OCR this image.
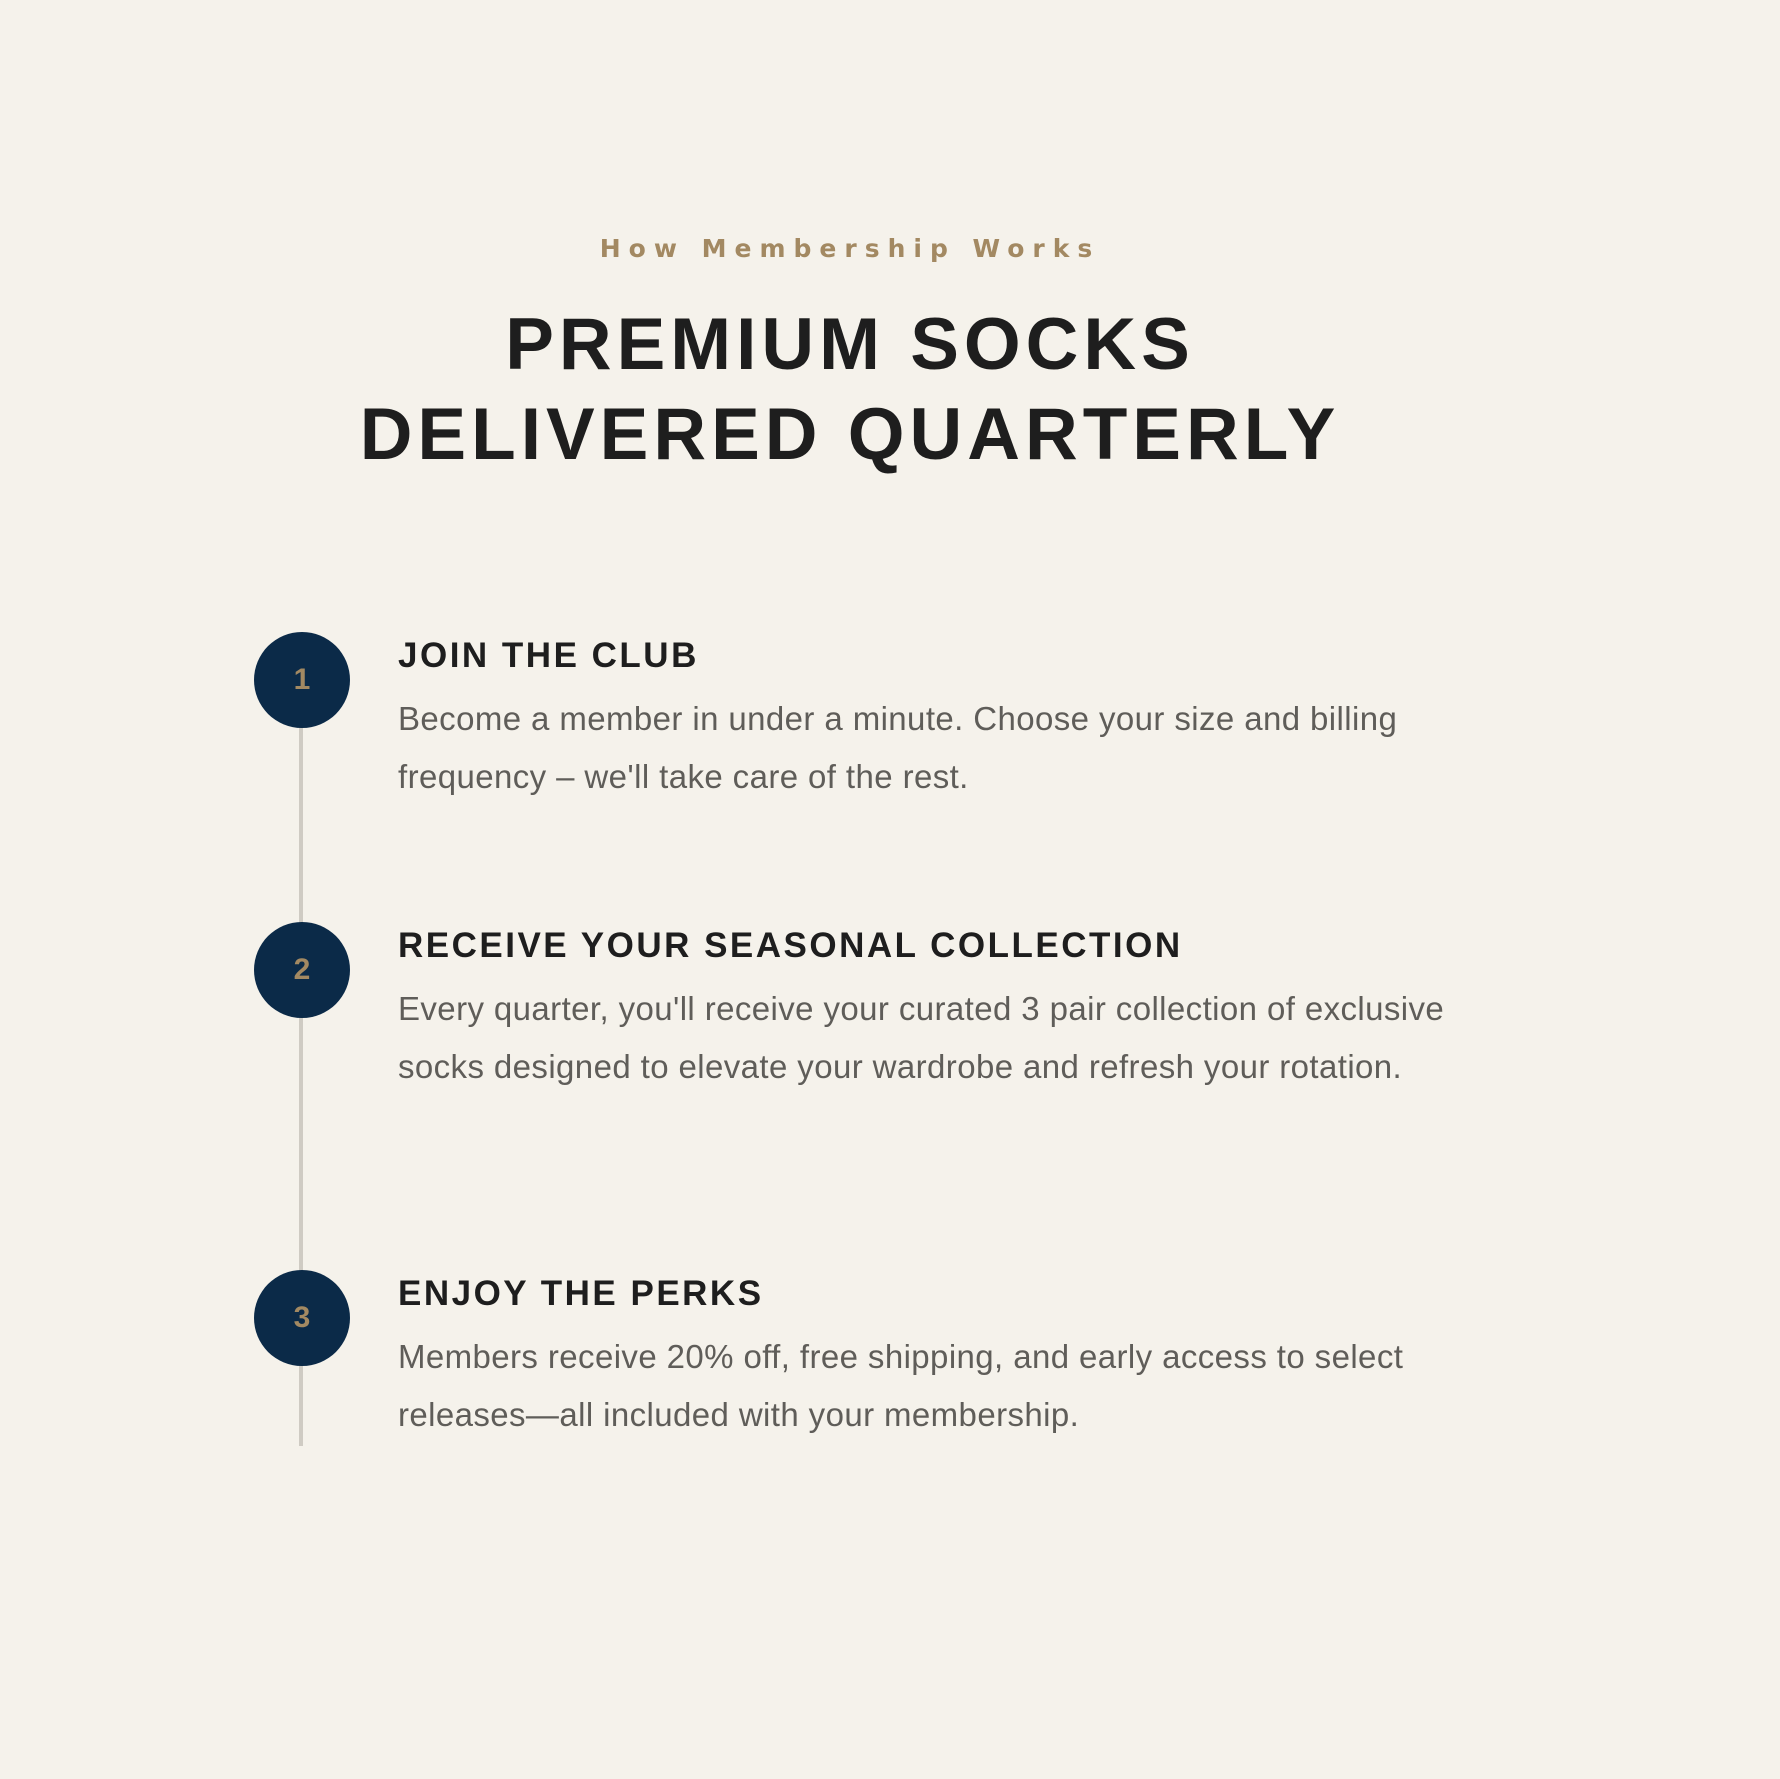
How Membership Works
PREMIUM SOCKS
DELIVERED QUARTERLY
1
JOIN THE CLUB
Become a member in under a minute. Choose your size and billing frequency – we'll take care of the rest.
2
RECEIVE YOUR SEASONAL COLLECTION
Every quarter, you'll receive your curated 3 pair collection of exclusive socks designed to elevate your wardrobe and refresh your rotation.
3
ENJOY THE PERKS
Members receive 20% off, free shipping, and early access to select releases—all included with your membership.
